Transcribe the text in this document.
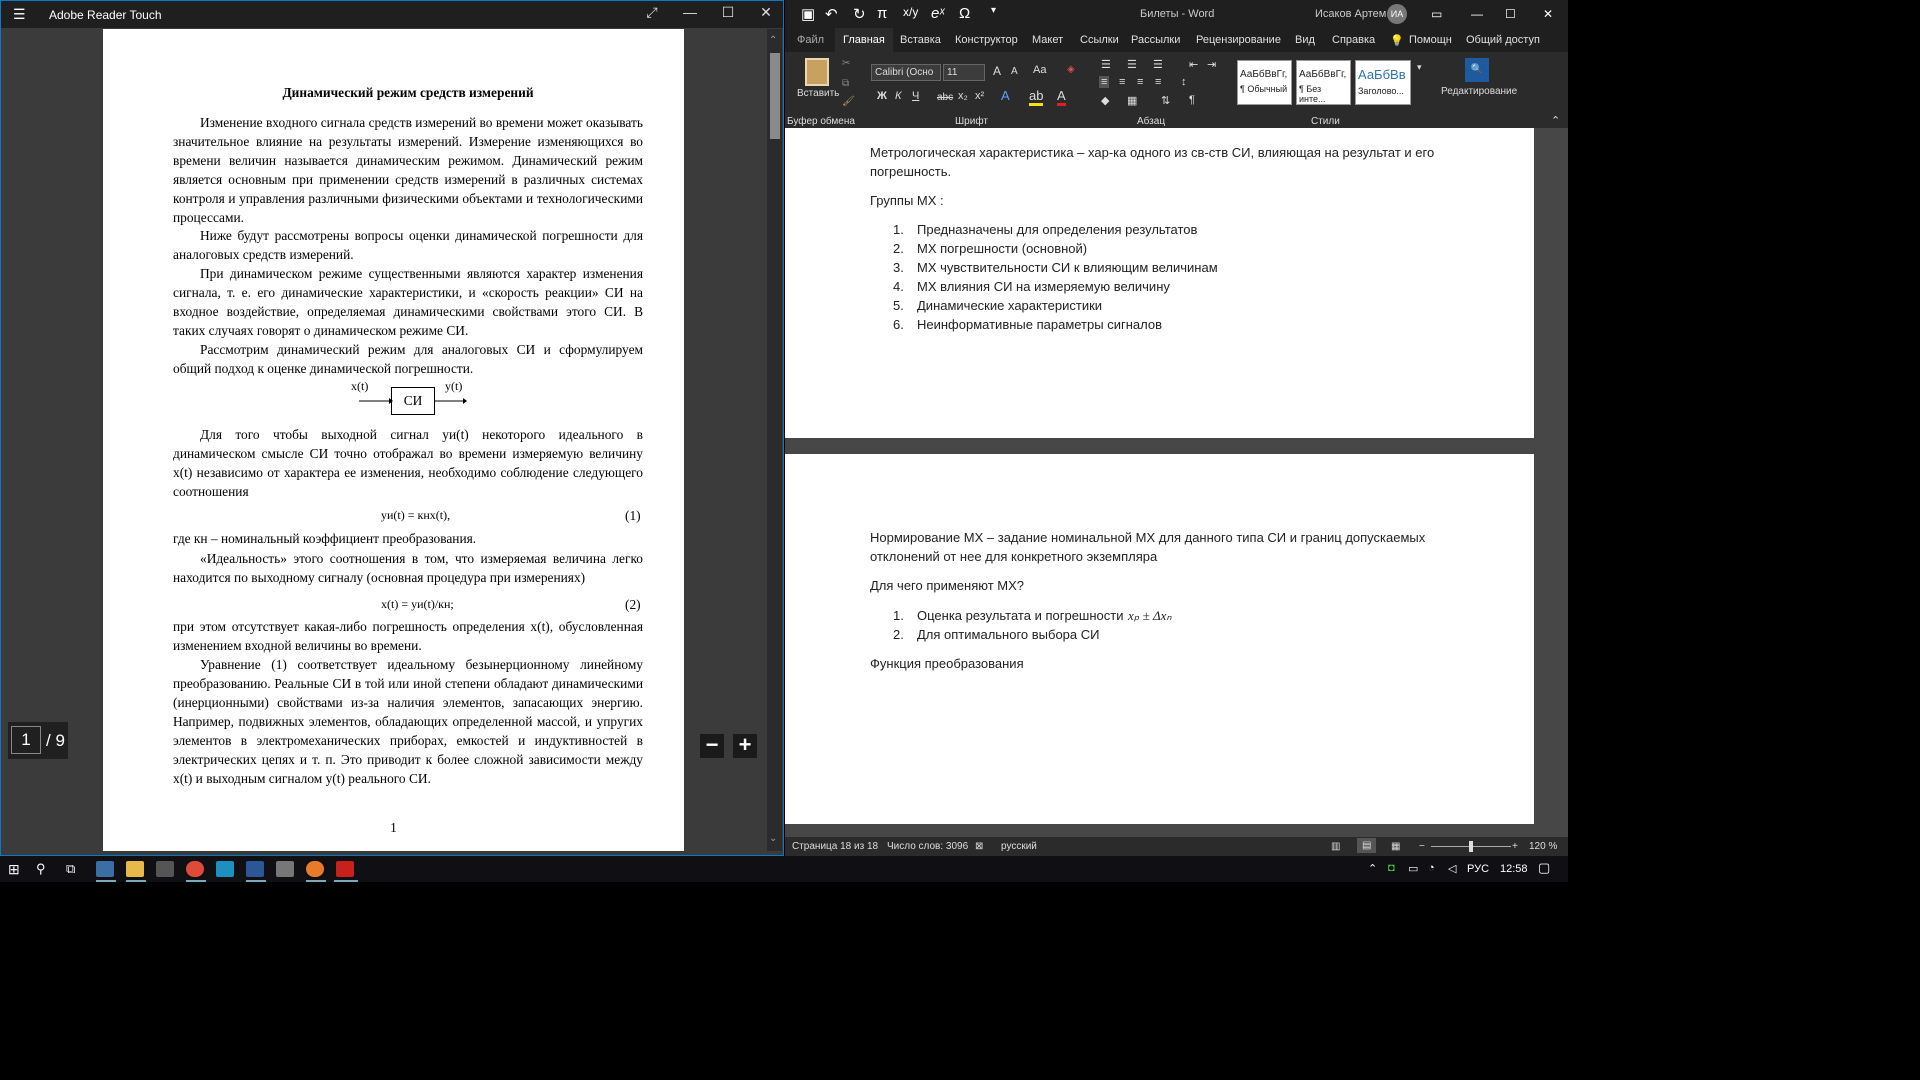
☰ Adobe Reader Touch	⤢	—	☐	✕
Динамический режим средств измерений

Изменение входного сигнала средств измерений во времени может оказывать значительное влияние на результаты измерений. Измерение изменяющихся во времени величин называется динамическим режимом. Динамический режим является основным при применении средств измерений в различных системах контроля и управления различными физическими объектами и технологическими процессами.

Ниже будут рассмотрены вопросы оценки динамической погрешности для аналоговых средств измерений.

При динамическом режиме существенными являются характер изменения сигнала, т. е. его динамические характеристики, и «скорость реакции» СИ на входное воздействие, определяемая динамическими свойствами этого СИ. В таких случаях говорят о динамическом режиме СИ.

Рассмотрим динамический режим для аналоговых СИ и сформулируем общий подход к оценке динамической погрешности.

x(t)	y(t)
СИ

Для того чтобы выходной сигнал yи(t) некоторого идеального в динамическом смысле СИ точно отображал во времени измеряемую величину x(t) независимо от характера ее изменения, необходимо соблюдение следующего соотношения

yи(t) = кнx(t),	(1)

где кн – номинальный коэффициент преобразования.

«Идеальность» этого соотношения в том, что измеряемая величина легко находится по выходному сигналу (основная процедура при измерениях)

x(t) = yи(t)/кн;	(2)

при этом отсутствует какая-либо погрешность определения x(t), обусловленная изменением входной величины во времени.

Уравнение (1) соответствует идеальному безынерционному линейному преобразованию. Реальные СИ в той или иной степени обладают динамическими (инерционными) свойствами из-за наличия элементов, запасающих энергию. Например, подвижных элементов, обладающих определенной массой, и упругих элементов в электромеханических приборах, емкостей и индуктивностей в электрических цепях и т. п. Это приводит к более сложной зависимости между x(t) и выходным сигналом y(t) реального СИ.

1
⌃
⌄
1 / 9	− +
▣ ↶ ↻ π x/y eˣ Ω ▾	Билеты - Word	Исаков Артем ИА	▭ — ☐ ✕
Файл	Главная	Вставка Конструктор Макет Ссылки Рассылки Рецензирование Вид Справка 💡 Помощн Общий доступ
Вставить
✂
⧉
🖌
Calibri (Осно	11	A A Aa ◈
Ж К Ч abc x₂ x² A ab A
☰ ☰ ☰ ⇤ ⇥
≡ ≡ ≡ ≡ ↕
◆ ▦ ⇅ ¶
АаБбВвГг,
¶ Обычный
АаБбВвГг,
¶ Без инте...
АаБбВв
Заголово...
▾	🔍
Редактирование
Буфер обмена	Шрифт	Абзац	Стили	⌃
Метрологическая характеристика – хар-ка одного из св-ств СИ, влияющая на результат и его
погрешность.
Группы МХ :
1. Предназначены для определения результатов
2. МХ погрешности (основной)
3. МХ чувствительности СИ к влияющим величинам
4. МХ влияния СИ на измеряемую величину
5. Динамические характеристики
6. Неинформативные параметры сигналов
Нормирование МХ – задание номинальной МХ для данного типа СИ и границ допускаемых
отклонений от нее для конкретного экземпляра
Для чего применяют МХ?
1. Оценка результата и погрешности xₚ ± Δxₙ
2. Для оптимального выбора СИ
Функция преобразования
Страница 18 из 18 Число слов: 3096 ⊠ русский	▥	▤	▦ −	+ 120 %
⊞ ⚲ ⧉	⌃ ◘ ▭ ◔ ◁ РУС 12:58 ▢
